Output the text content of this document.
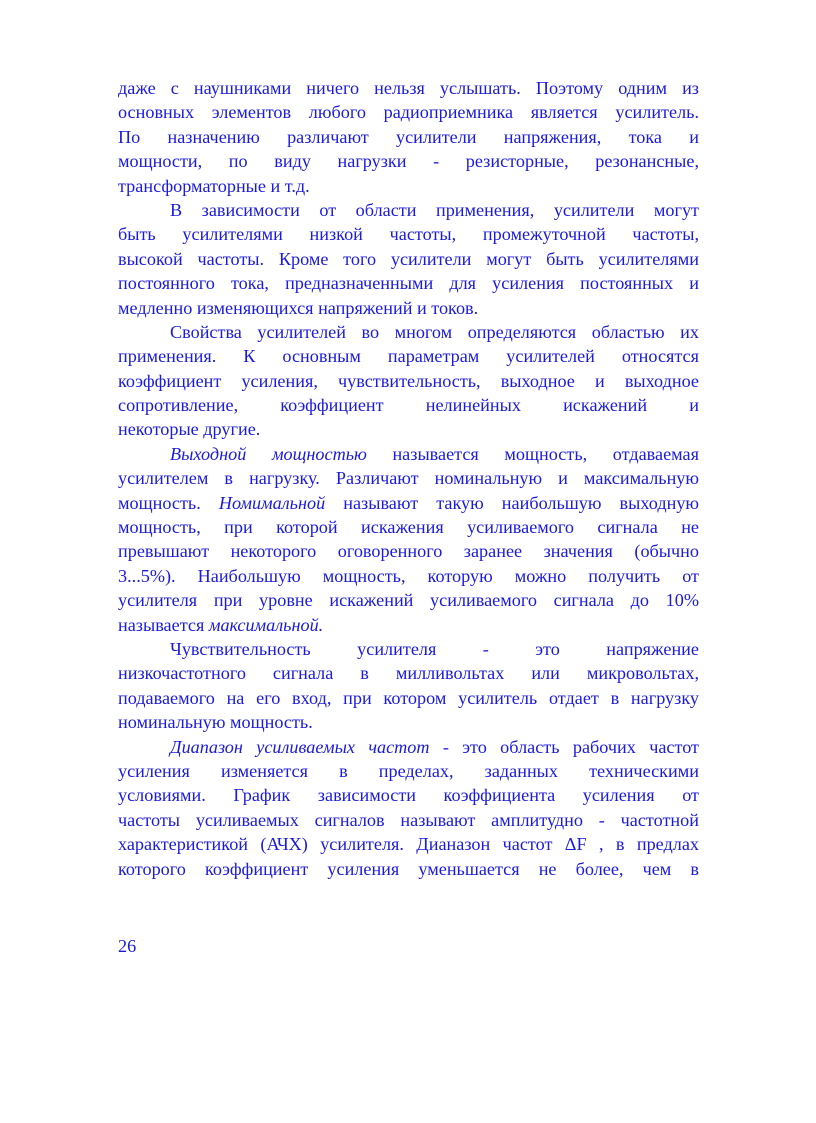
даже с наушниками ничего нельзя услышать. Поэтому одним из
основных элементов любого радиоприемника является усилитель.
По назначению различают усилители напряжения, тока и
мощности, по виду нагрузки - резисторные, резонансные,
трансформаторные и т.д.
В зависимости от области применения, усилители могут
быть усилителями низкой частоты, промежуточной частоты,
высокой частоты. Кроме того усилители могут быть усилителями
постоянного тока, предназначенными для усиления постоянных и
медленно изменяющихся напряжений и токов.
Свойства усилителей во многом определяются областью их
применения. К основным параметрам усилителей относятся
коэффициент усиления, чувствительность, выходное и выходное
сопротивление, коэффициент нелинейных искажений и
некоторые другие.
Выходной мощностью называется мощность, отдаваемая
усилителем в нагрузку. Различают номинальную и максимальную
мощность. Номимальной называют такую наибольшую выходную
мощность, при которой искажения усиливаемого сигнала не
превышают некоторого оговоренного заранее значения (обычно
3...5%). Наибольшую мощность, которую можно получить от
усилителя при уровне искажений усиливаемого сигнала до 10%
называется максимальной.
Чувствительность усилителя - это напряжение
низкочастотного сигнала в милливольтах или микровольтах,
подаваемого на его вход, при котором усилитель отдает в нагрузку
номинальную мощность.
Диапазон усиливаемых частот - это область рабочих частот
усиления изменяется в пределах, заданных техническими
условиями. График зависимости коэффициента усиления от
частоты усиливаемых сигналов называют амплитудно - частотной
характеристикой (АЧХ) усилителя. Дианазон частот ΔF , в предлах
которого коэффициент усиления уменьшается не более, чем в
26
